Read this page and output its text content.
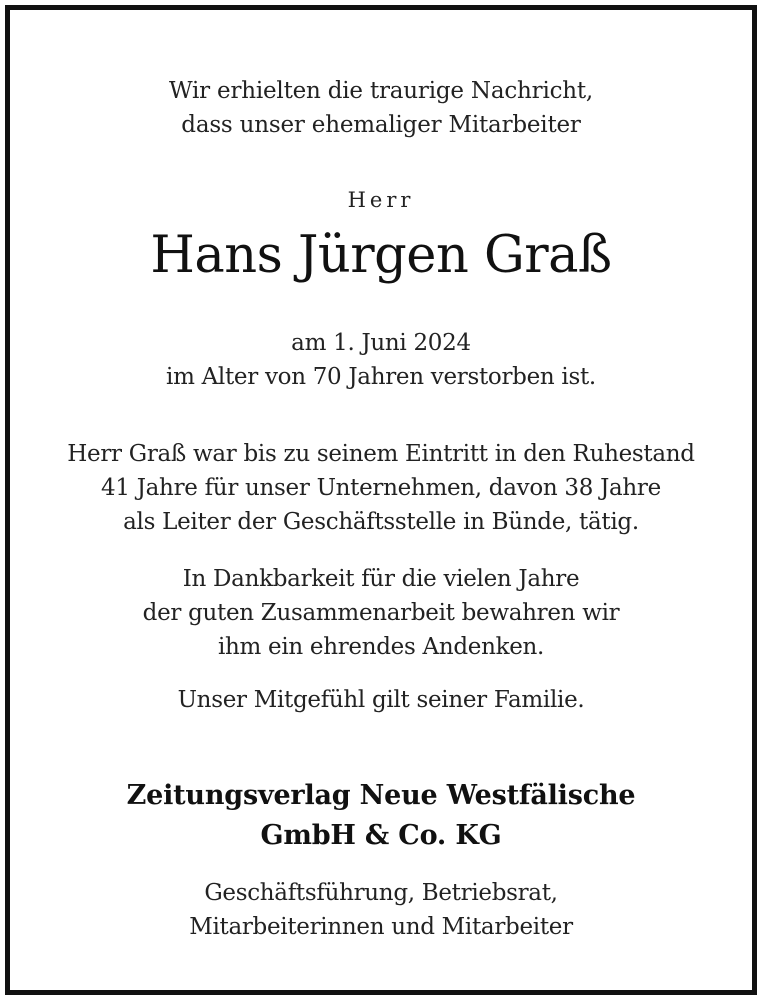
Wir erhielten die traurige Nachricht,
dass unser ehemaliger Mitarbeiter
Herr
Hans Jürgen Graß
am 1. Juni 2024
im Alter von 70 Jahren verstorben ist.
Herr Graß war bis zu seinem Eintritt in den Ruhestand
41 Jahre für unser Unternehmen, davon 38 Jahre
als Leiter der Geschäftsstelle in Bünde, tätig.
In Dankbarkeit für die vielen Jahre
der guten Zusammenarbeit bewahren wir
ihm ein ehrendes Andenken.
Unser Mitgefühl gilt seiner Familie.
Zeitungsverlag Neue Westfälische
GmbH & Co. KG
Geschäftsführung, Betriebsrat,
Mitarbeiterinnen und Mitarbeiter
